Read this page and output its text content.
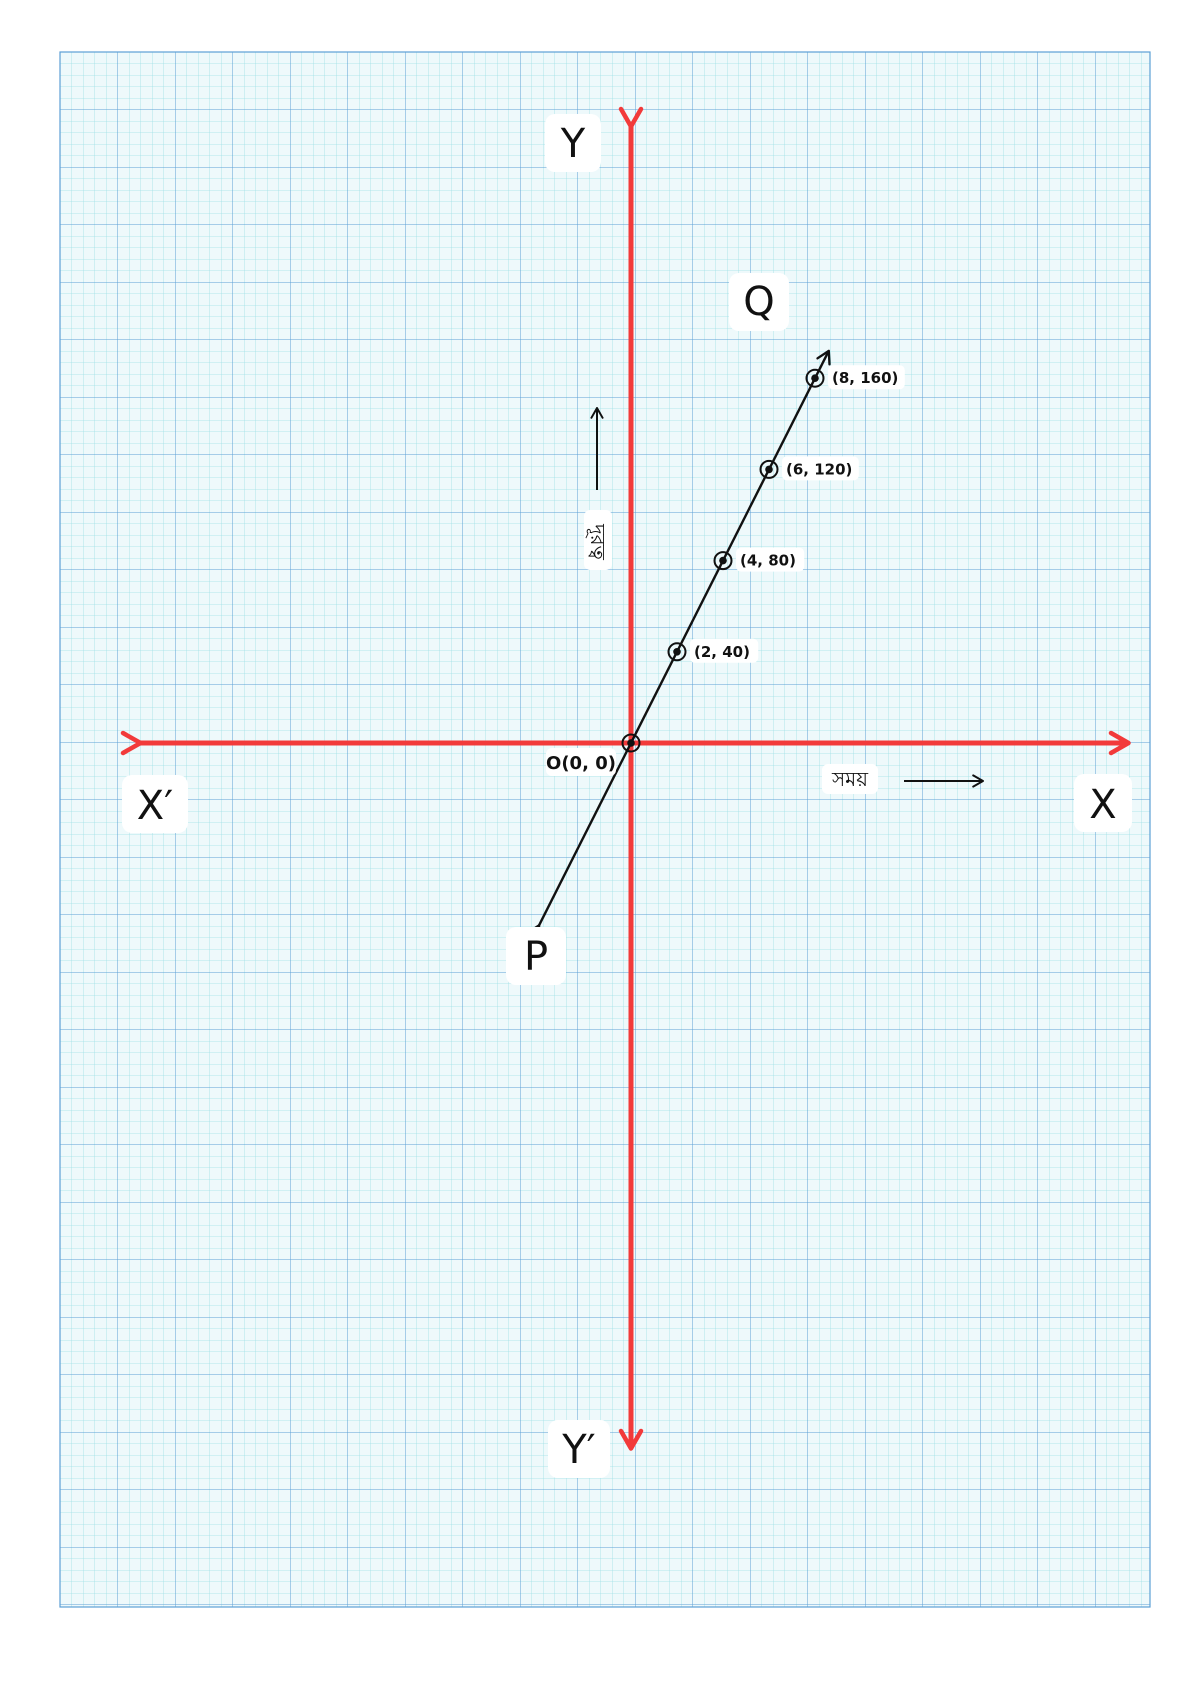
Y
Y′
X
X′
সময়
দূরত্ব
(2, 40)
(4, 80)
(6, 120)
(8, 160)
Q
P
O(0, 0)
